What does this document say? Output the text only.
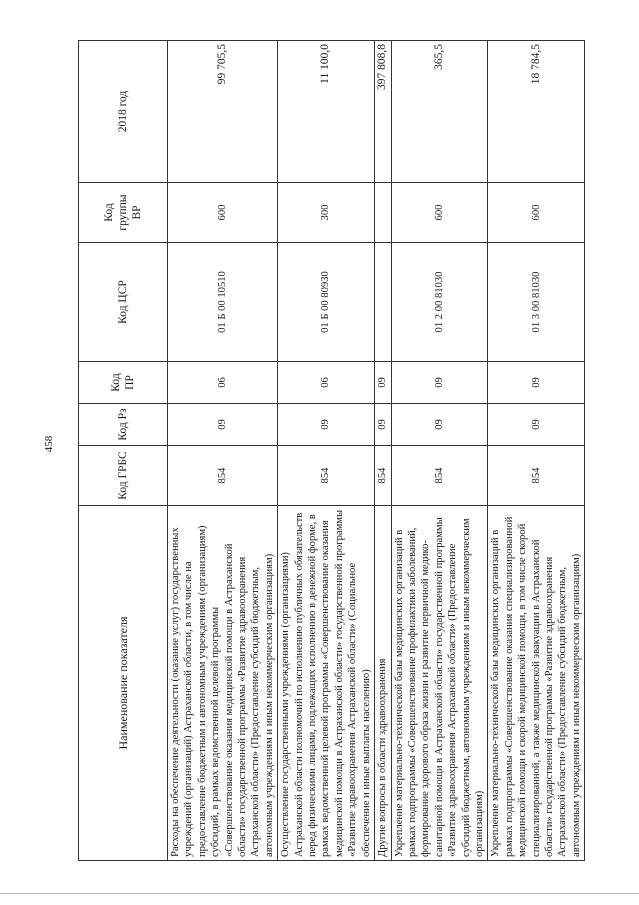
458
Наименование показателя	Код ГРБС	Код Рз	Код ПР	Код ЦСР	Код группы ВР	2018 год
Расходы на обеспечение деятельности (оказание услуг) государственных учреждений (организаций) Астраханской области, в том числе на предоставление бюджетным и автономным учреждениям (организациям) субсидий, в рамках ведомственной целевой программы «Совершенствование оказания медицинской помощи в Астраханской области» государственной программы «Развитие здравоохранения Астраханской области» (Предоставление субсидий бюджетным, автономным учреждениям и иным некоммерческим организациям)	854	09	06	01 Б 00 10510	600	99 705,5
Осуществление государственными учреждениями (организациями) Астраханской области полномочий по исполнению публичных обязательств перед физическими лицами, подлежащих исполнению в денежной форме, в рамках ведомственной целевой программы «Совершенствование оказания медицинской помощи в Астраханской области» государственной программы «Развитие здравоохранения Астраханской области» (Социальное обеспечение и иные выплаты населению)	854	09	06	01 Б 00 80930	300	11 100,0
Другие вопросы в области здравоохранения	854	09	09			397 808,8
Укрепление материально-технической базы медицинских организаций в рамках подпрограммы «Совершенствование профилактики заболеваний, формирование здорового образа жизни и развитие первичной медико-санитарной помощи в Астраханской области» государственной программы «Развитие здравоохранения Астраханской области» (Предоставление субсидий бюджетным, автономным учреждениям и иным некоммерческим организациям)	854	09	09	01 2 00 81030	600	365,5
Укрепление материально-технической базы медицинских организаций в рамках подпрограммы «Совершенствование оказания специализированной медицинской помощи и скорой медицинской помощи, в том числе скорой специализированной, а также медицинской эвакуации в Астраханской области» государственной программы «Развитие здравоохранения Астраханской области» (Предоставление субсидий бюджетным, автономным учреждениям и иным некоммерческим организациям)	854	09	09	01 3 00 81030	600	18 784,5
